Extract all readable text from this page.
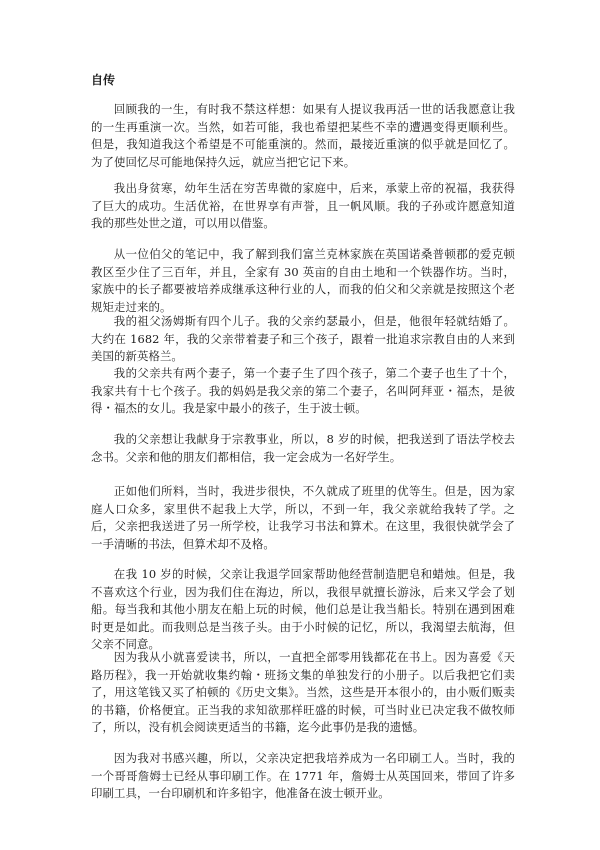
自传

回顾我的一生，有时我不禁这样想：如果有人提议我再活一世的话我愿意让我的一生再重演一次。当然，如若可能，我也希望把某些不幸的遭遇变得更顺利些。但是，我知道我这个希望是不可能重演的。然而，最接近重演的似乎就是回忆了。为了使回忆尽可能地保持久远，就应当把它记下来。

我出身贫寒，幼年生活在穷苦卑微的家庭中，后来，承蒙上帝的祝福，我获得了巨大的成功。生活优裕，在世界享有声誉，且一帆风顺。我的子孙或许愿意知道我的那些处世之道，可以用以借鉴。

从一位伯父的笔记中，我了解到我们富兰克林家族在英国诺桑普顿郡的爱克顿教区至少住了三百年，并且，全家有 30 英亩的自由土地和一个铁器作坊。当时，家族中的长子都要被培养成继承这种行业的人，而我的伯父和父亲就是按照这个老规矩走过来的。

我的祖父汤姆斯有四个儿子。我的父亲约瑟最小，但是，他很年轻就结婚了。大约在 1682 年，我的父亲带着妻子和三个孩子，跟着一批追求宗教自由的人来到美国的新英格兰。

我的父亲共有两个妻子，第一个妻子生了四个孩子，第二个妻子也生了十个，我家共有十七个孩子。我的妈妈是我父亲的第二个妻子，名叫阿拜亚・福杰，是彼得・福杰的女儿。我是家中最小的孩子，生于波士顿。

我的父亲想让我献身于宗教事业，所以，8 岁的时候，把我送到了语法学校去念书。父亲和他的朋友们都相信，我一定会成为一名好学生。

正如他们所料，当时，我进步很快，不久就成了班里的优等生。但是，因为家庭人口众多，家里供不起我上大学，所以，不到一年，我父亲就给我转了学。之后，父亲把我送进了另一所学校，让我学习书法和算术。在这里，我很快就学会了一手清晰的书法，但算术却不及格。

在我 10 岁的时候，父亲让我退学回家帮助他经营制造肥皂和蜡烛。但是，我不喜欢这个行业，因为我们住在海边，所以，我很早就擅长游泳，后来又学会了划船。每当我和其他小朋友在船上玩的时候，他们总是让我当船长。特别在遇到困难时更是如此。而我则总是当孩子头。由于小时候的记忆，所以，我渴望去航海，但父亲不同意。

因为我从小就喜爱读书，所以，一直把全部零用钱都花在书上。因为喜爱《天路历程》，我一开始就收集约翰・班扬文集的单独发行的小册子。以后我把它们卖了，用这笔钱又买了柏顿的《历史文集》。当然，这些是开本很小的，由小贩们贩卖的书籍，价格便宜。正当我的求知欲那样旺盛的时候，可当时业已决定我不做牧师了，所以，没有机会阅读更适当的书籍，迄今此事仍是我的遗憾。

因为我对书感兴趣，所以，父亲决定把我培养成为一名印刷工人。当时，我的一个哥哥詹姆士已经从事印刷工作。在 1771 年，詹姆士从英国回来，带回了许多印刷工具，一台印刷机和许多铅字，他准备在波士顿开业。
